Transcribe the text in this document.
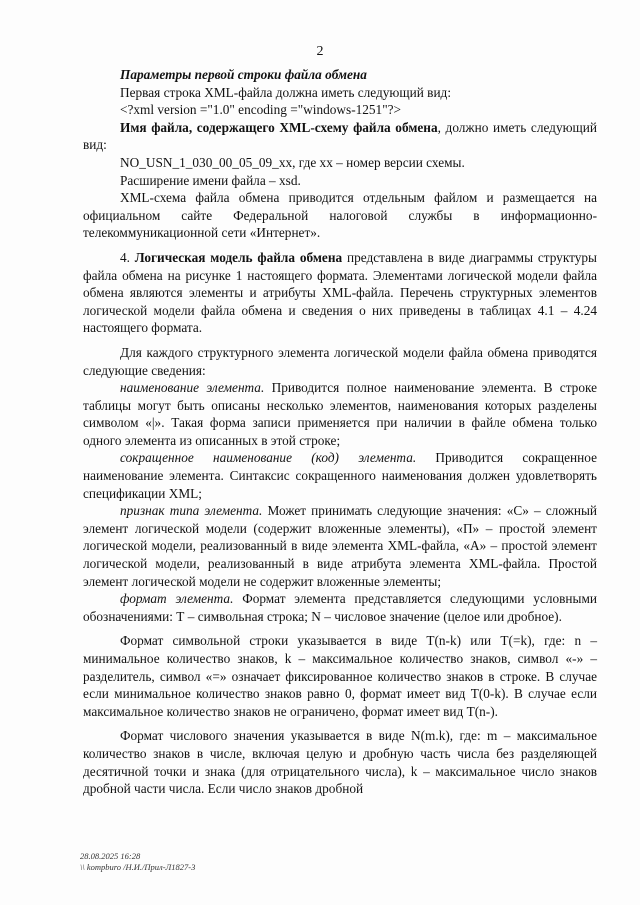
2

Параметры первой строки файла обмена

Первая строка XML-файла должна иметь следующий вид:

<?xml version ="1.0" encoding ="windows-1251"?>

Имя файла, содержащего XML-схему файла обмена, должно иметь следующий вид:

NO_USN_1_030_00_05_09_xx, где xx – номер версии схемы.

Расширение имени файла – xsd.

XML-схема файла обмена приводится отдельным файлом и размещается на официальном сайте Федеральной налоговой службы в информационно-телекоммуникационной сети «Интернет».

4. Логическая модель файла обмена представлена в виде диаграммы структуры файла обмена на рисунке 1 настоящего формата. Элементами логической модели файла обмена являются элементы и атрибуты XML-файла. Перечень структурных элементов логической модели файла обмена и сведения о них приведены в таблицах 4.1 – 4.24 настоящего формата.

Для каждого структурного элемента логической модели файла обмена приводятся следующие сведения:

наименование элемента. Приводится полное наименование элемента. В строке таблицы могут быть описаны несколько элементов, наименования которых разделены символом «|». Такая форма записи применяется при наличии в файле обмена только одного элемента из описанных в этой строке;

сокращенное наименование (код) элемента. Приводится сокращенное наименование элемента. Синтаксис сокращенного наименования должен удовлетворять спецификации XML;

признак типа элемента. Может принимать следующие значения: «С» – сложный элемент логической модели (содержит вложенные элементы), «П» – простой элемент логической модели, реализованный в виде элемента XML-файла, «А» – простой элемент логической модели, реализованный в виде атрибута элемента XML-файла. Простой элемент логической модели не содержит вложенные элементы;

формат элемента. Формат элемента представляется следующими условными обозначениями: Т – символьная строка; N – числовое значение (целое или дробное).

Формат символьной строки указывается в виде Т(n-k) или Т(=k), где: n – минимальное количество знаков, k – максимальное количество знаков, символ «-» – разделитель, символ «=» означает фиксированное количество знаков в строке. В случае если минимальное количество знаков равно 0, формат имеет вид Т(0-k). В случае если максимальное количество знаков не ограничено, формат имеет вид Т(n-).

Формат числового значения указывается в виде N(m.k), где: m – максимальное количество знаков в числе, включая целую и дробную часть числа без разделяющей десятичной точки и знака (для отрицательного числа), k – максимальное число знаков дробной части числа. Если число знаков дробной

28.08.2025 16:28
\\ kompburo /Н.И./Прил-Л1827-3
